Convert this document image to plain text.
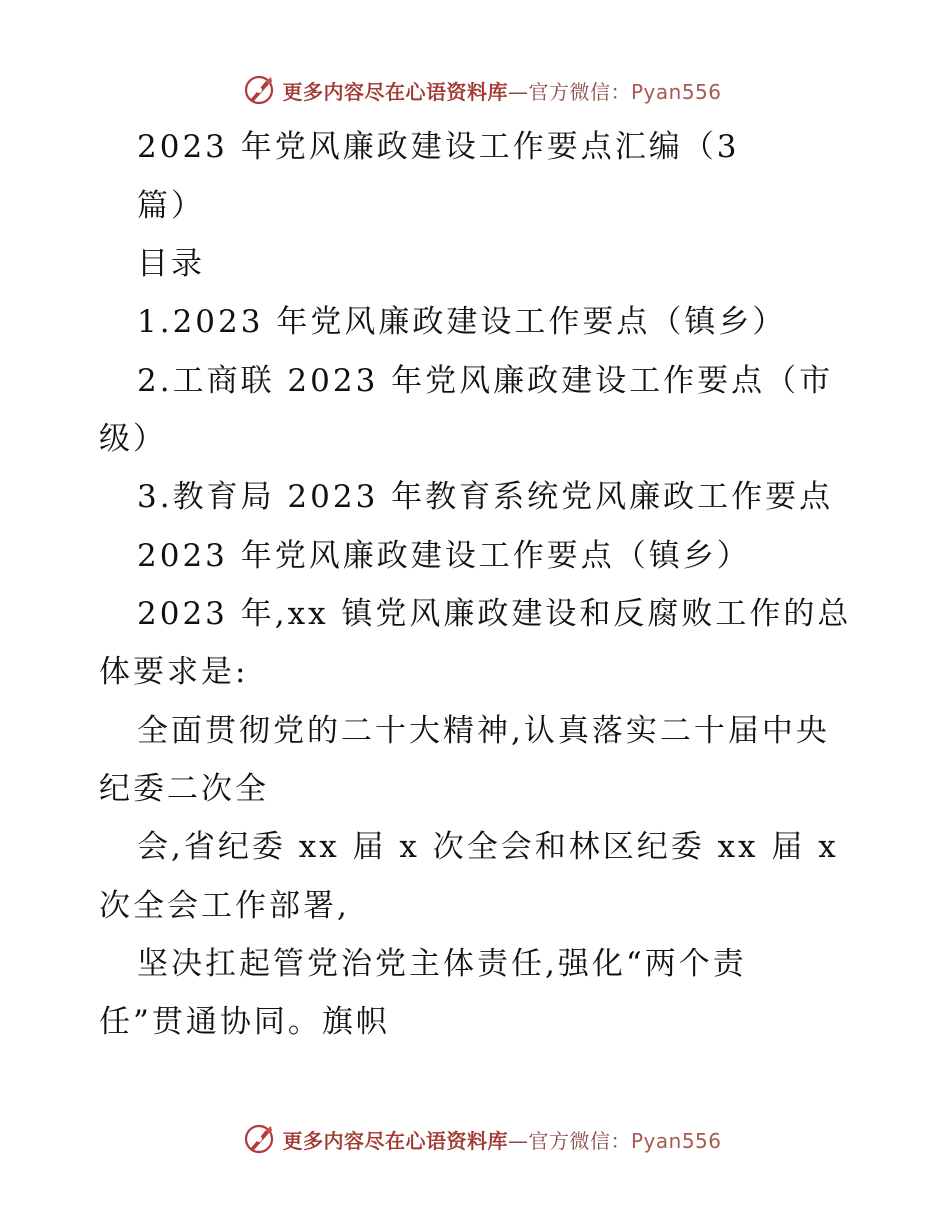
更多内容尽在心语资料库—官方微信：Pyan556
2023 年党风廉政建设工作要点汇编（3
篇）
目录
1.2023 年党风廉政建设工作要点（镇乡）
2.工商联 2023 年党风廉政建设工作要点（市
级）
3.教育局 2023 年教育系统党风廉政工作要点
2023 年党风廉政建设工作要点（镇乡）
2023 年,xx 镇党风廉政建设和反腐败工作的总
体要求是:
全面贯彻党的二十大精神,认真落实二十届中央
纪委二次全
会,省纪委 xx 届 x 次全会和林区纪委 xx 届 x
次全会工作部署,
坚决扛起管党治党主体责任,强化“两个责
任”贯通协同。旗帜
更多内容尽在心语资料库—官方微信：Pyan556
